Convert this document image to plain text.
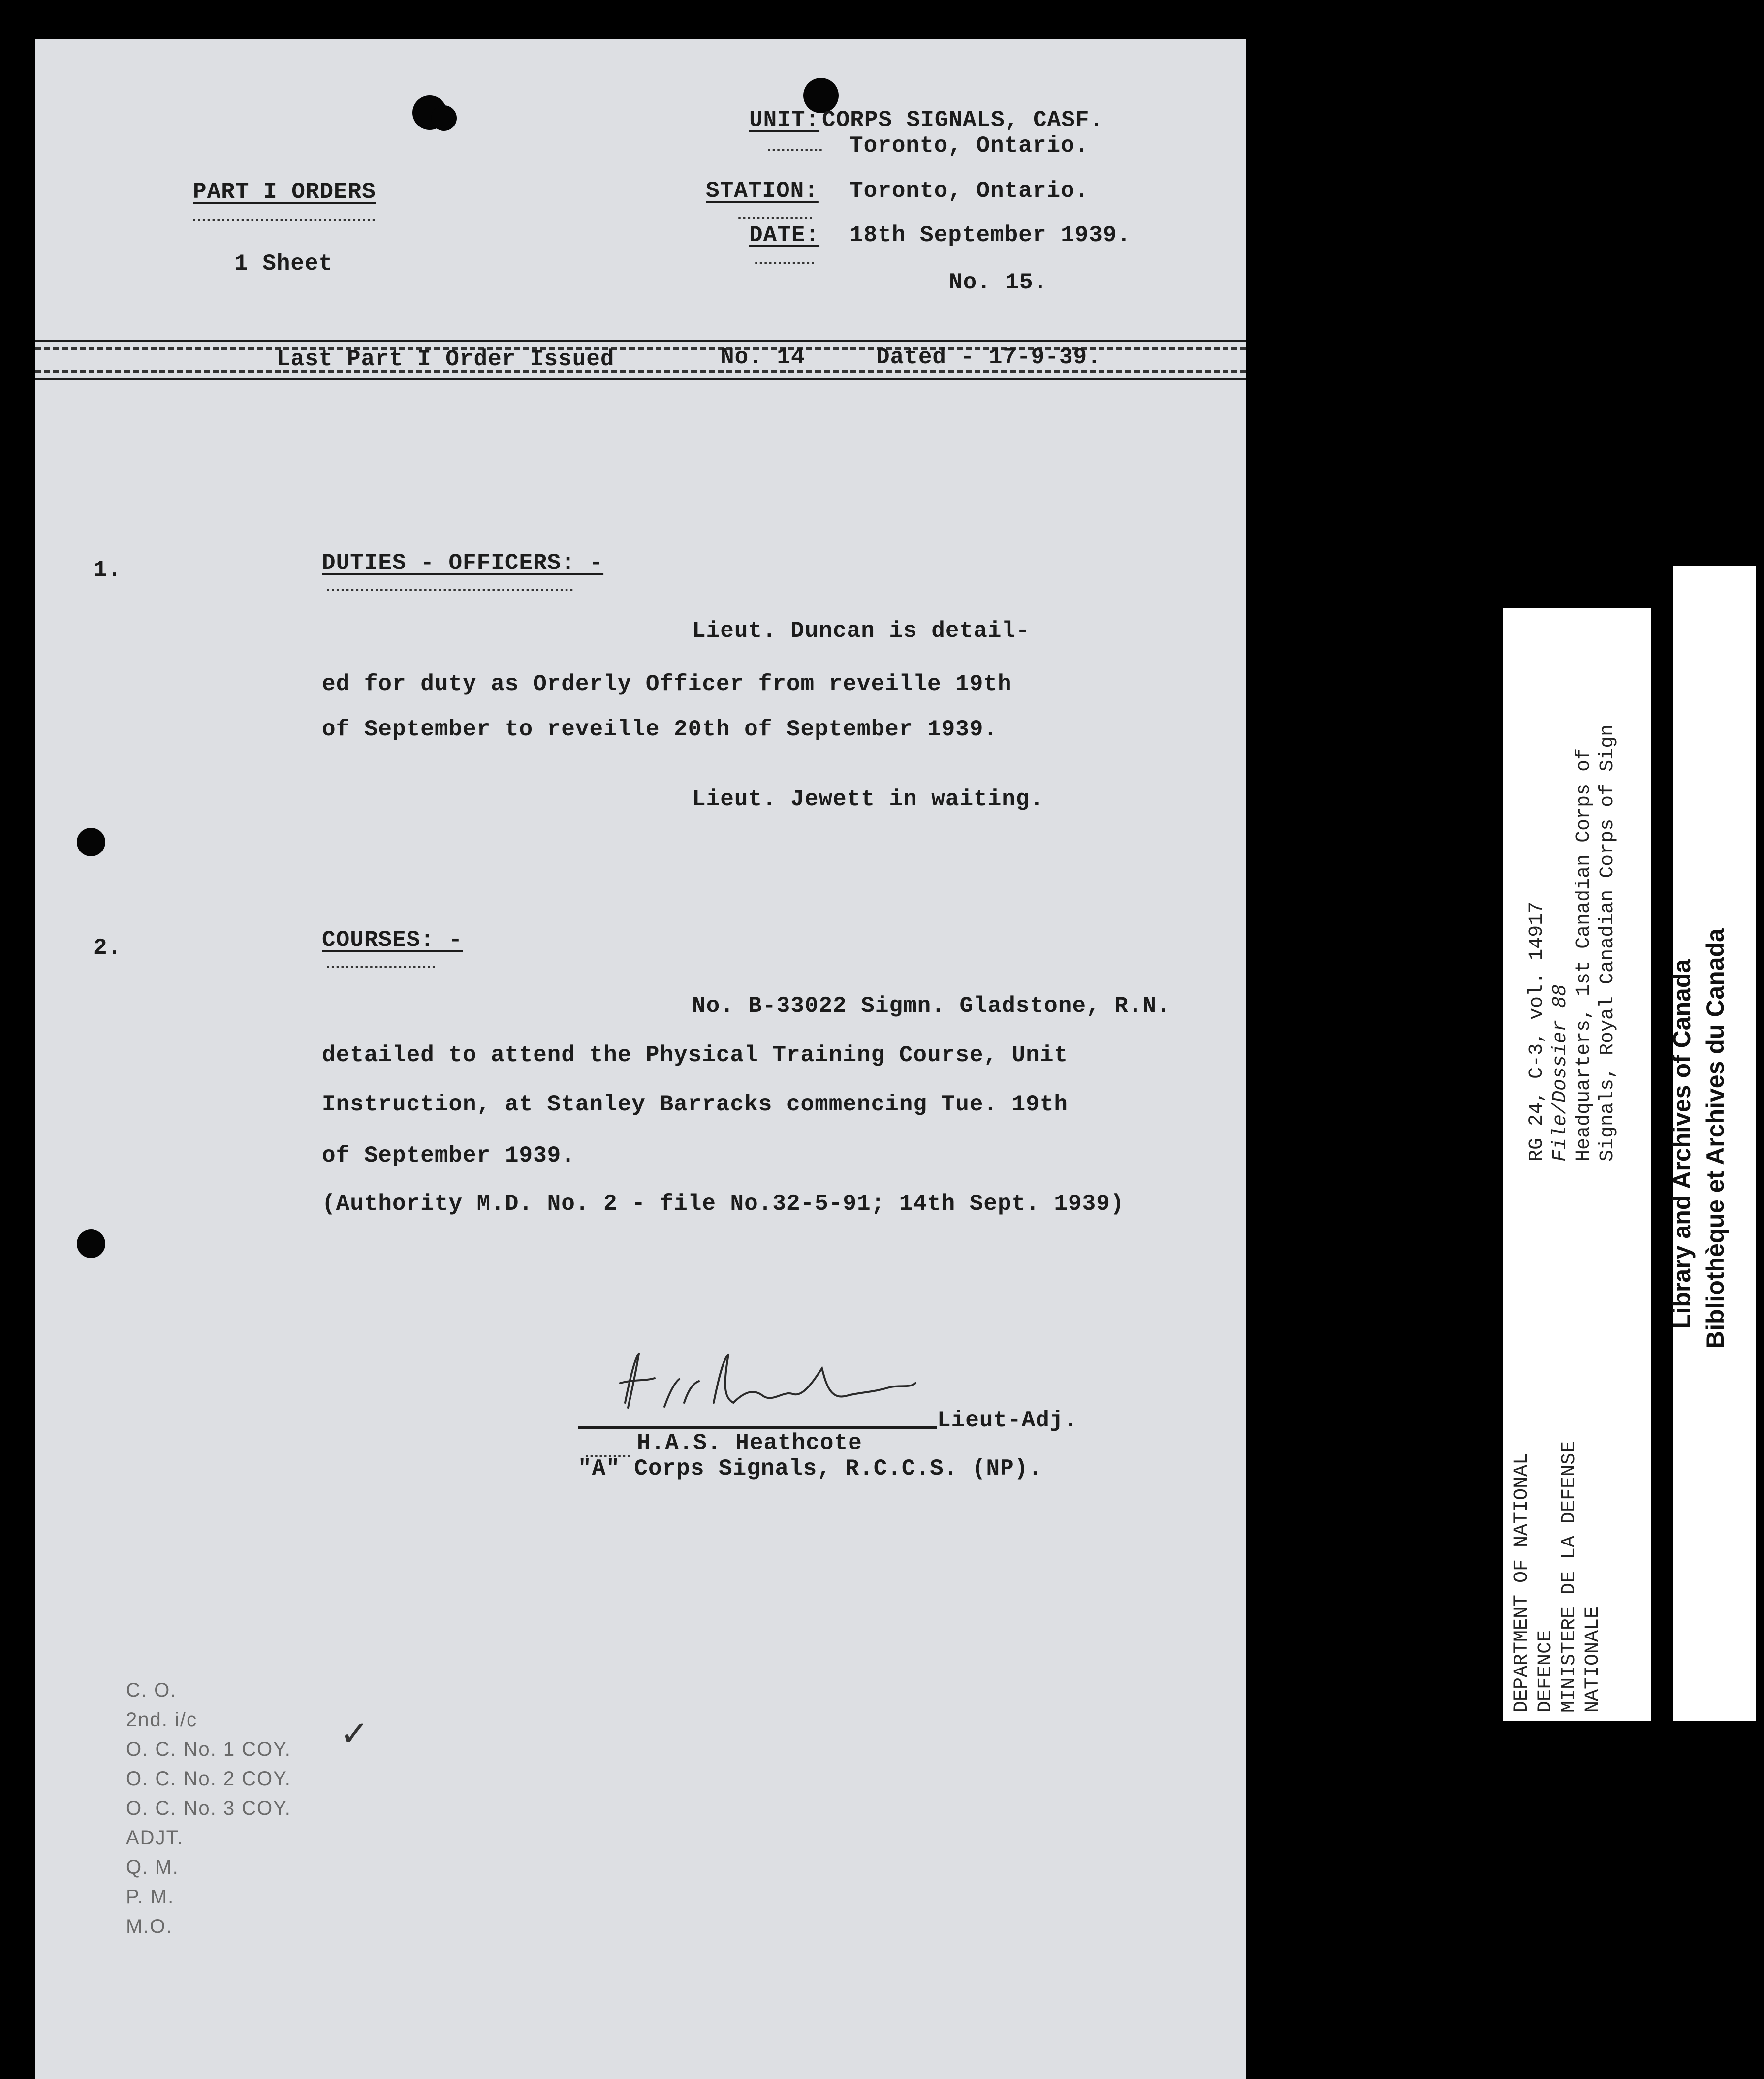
PART I ORDERS
1 Sheet
UNIT: CORPS SIGNALS, CASF.
Toronto, Ontario.
STATION: Toronto, Ontario.
DATE: 18th September 1939.
No. 15.
Last Part I Order Issued	No. 14	Dated - 17-9-39.
1.	DUTIES - OFFICERS: -
Lieut. Duncan is detail-
ed for duty as Orderly Officer from reveille 19th
of September to reveille 20th of September 1939.
Lieut. Jewett in waiting.
2.	COURSES: -
No. B-33022 Sigmn. Gladstone, R.N.
detailed to attend the Physical Training Course, Unit
Instruction, at Stanley Barracks commencing Tue. 19th
of September 1939.
(Authority M.D. No. 2 - file No.32-5-91; 14th Sept. 1939)
Lieut-Adj.
H.A.S. Heathcote
"A" Corps Signals, R.C.C.S. (NP).
C. O.
2nd. i/c
O. C. No. 1 COY.
O. C. No. 2 COY.
O. C. No. 3 COY.
ADJT.
Q. M.
P. M.
M.O.
✓
DEPARTMENT OF NATIONAL DEFENCE MINISTERE DE LA DEFENSE NATIONALE
RG 24, C-3, vol. 14917 File/Dossier 88 Headquarters, 1st Canadian Corps of Signals, Royal Canadian Corps of Sign Library and Archives of Canada Bibliothèque et Archives du Canada
